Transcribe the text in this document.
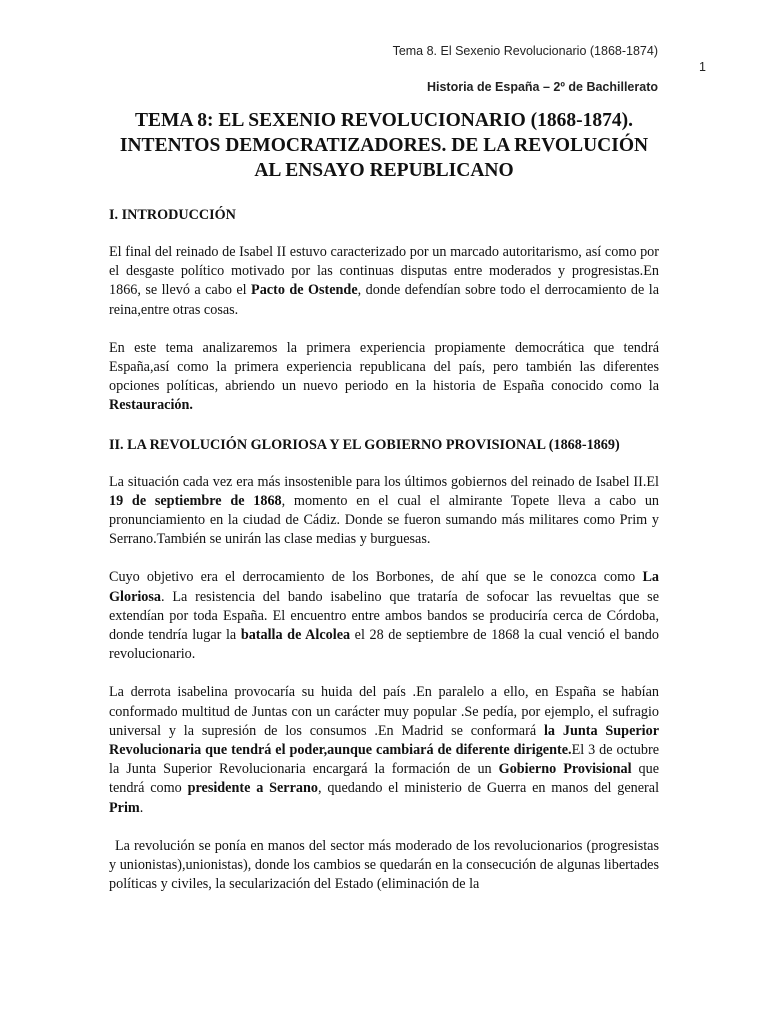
Tema 8. El Sexenio Revolucionario (1868-1874)
1
Historia de España – 2º de Bachillerato
TEMA 8: EL SEXENIO REVOLUCIONARIO (1868-1874). INTENTOS DEMOCRATIZADORES. DE LA REVOLUCIÓN AL ENSAYO REPUBLICANO
I. INTRODUCCIÓN

El final del reinado de Isabel II estuvo caracterizado por un marcado autoritarismo, así como por el desgaste político motivado por las continuas disputas entre moderados y progresistas.En 1866, se llevó a cabo el Pacto de Ostende, donde defendían sobre todo el derrocamiento de la reina,entre otras cosas.

En este tema analizaremos la primera experiencia propiamente democrática que tendrá España,así como la primera experiencia republicana del país, pero también las diferentes opciones políticas, abriendo un nuevo periodo en la historia de España conocido como la Restauración.

II. LA REVOLUCIÓN GLORIOSA Y EL GOBIERNO PROVISIONAL (1868-1869)

La situación cada vez era más insostenible para los últimos gobiernos del reinado de Isabel II.El 19 de septiembre de 1868, momento en el cual el almirante Topete lleva a cabo un pronunciamiento en la ciudad de Cádiz. Donde se fueron sumando más militares como Prim y Serrano.También se unirán las clase medias y burguesas.

Cuyo objetivo era el derrocamiento de los Borbones, de ahí que se le conozca como La Gloriosa. La resistencia del bando isabelino que trataría de sofocar las revueltas que se extendían por toda España. El encuentro entre ambos bandos se produciría cerca de Córdoba, donde tendría lugar la batalla de Alcolea el 28 de septiembre de 1868 la cual venció el bando revolucionario.

La derrota isabelina provocaría su huida del país .En paralelo a ello, en España se habían conformado multitud de Juntas con un carácter muy popular .Se pedía, por ejemplo, el sufragio universal y la supresión de los consumos .En Madrid se conformará la Junta Superior Revolucionaria que tendrá el poder,aunque cambiará de diferente dirigente.El 3 de octubre la Junta Superior Revolucionaria encargará la formación de un Gobierno Provisional que tendrá como presidente a Serrano, quedando el ministerio de Guerra en manos del general Prim.

La revolución se ponía en manos del sector más moderado de los revolucionarios (progresistas y unionistas),unionistas), donde los cambios se quedarán en la consecución de algunas libertades políticas y civiles, la secularización del Estado (eliminación de la
